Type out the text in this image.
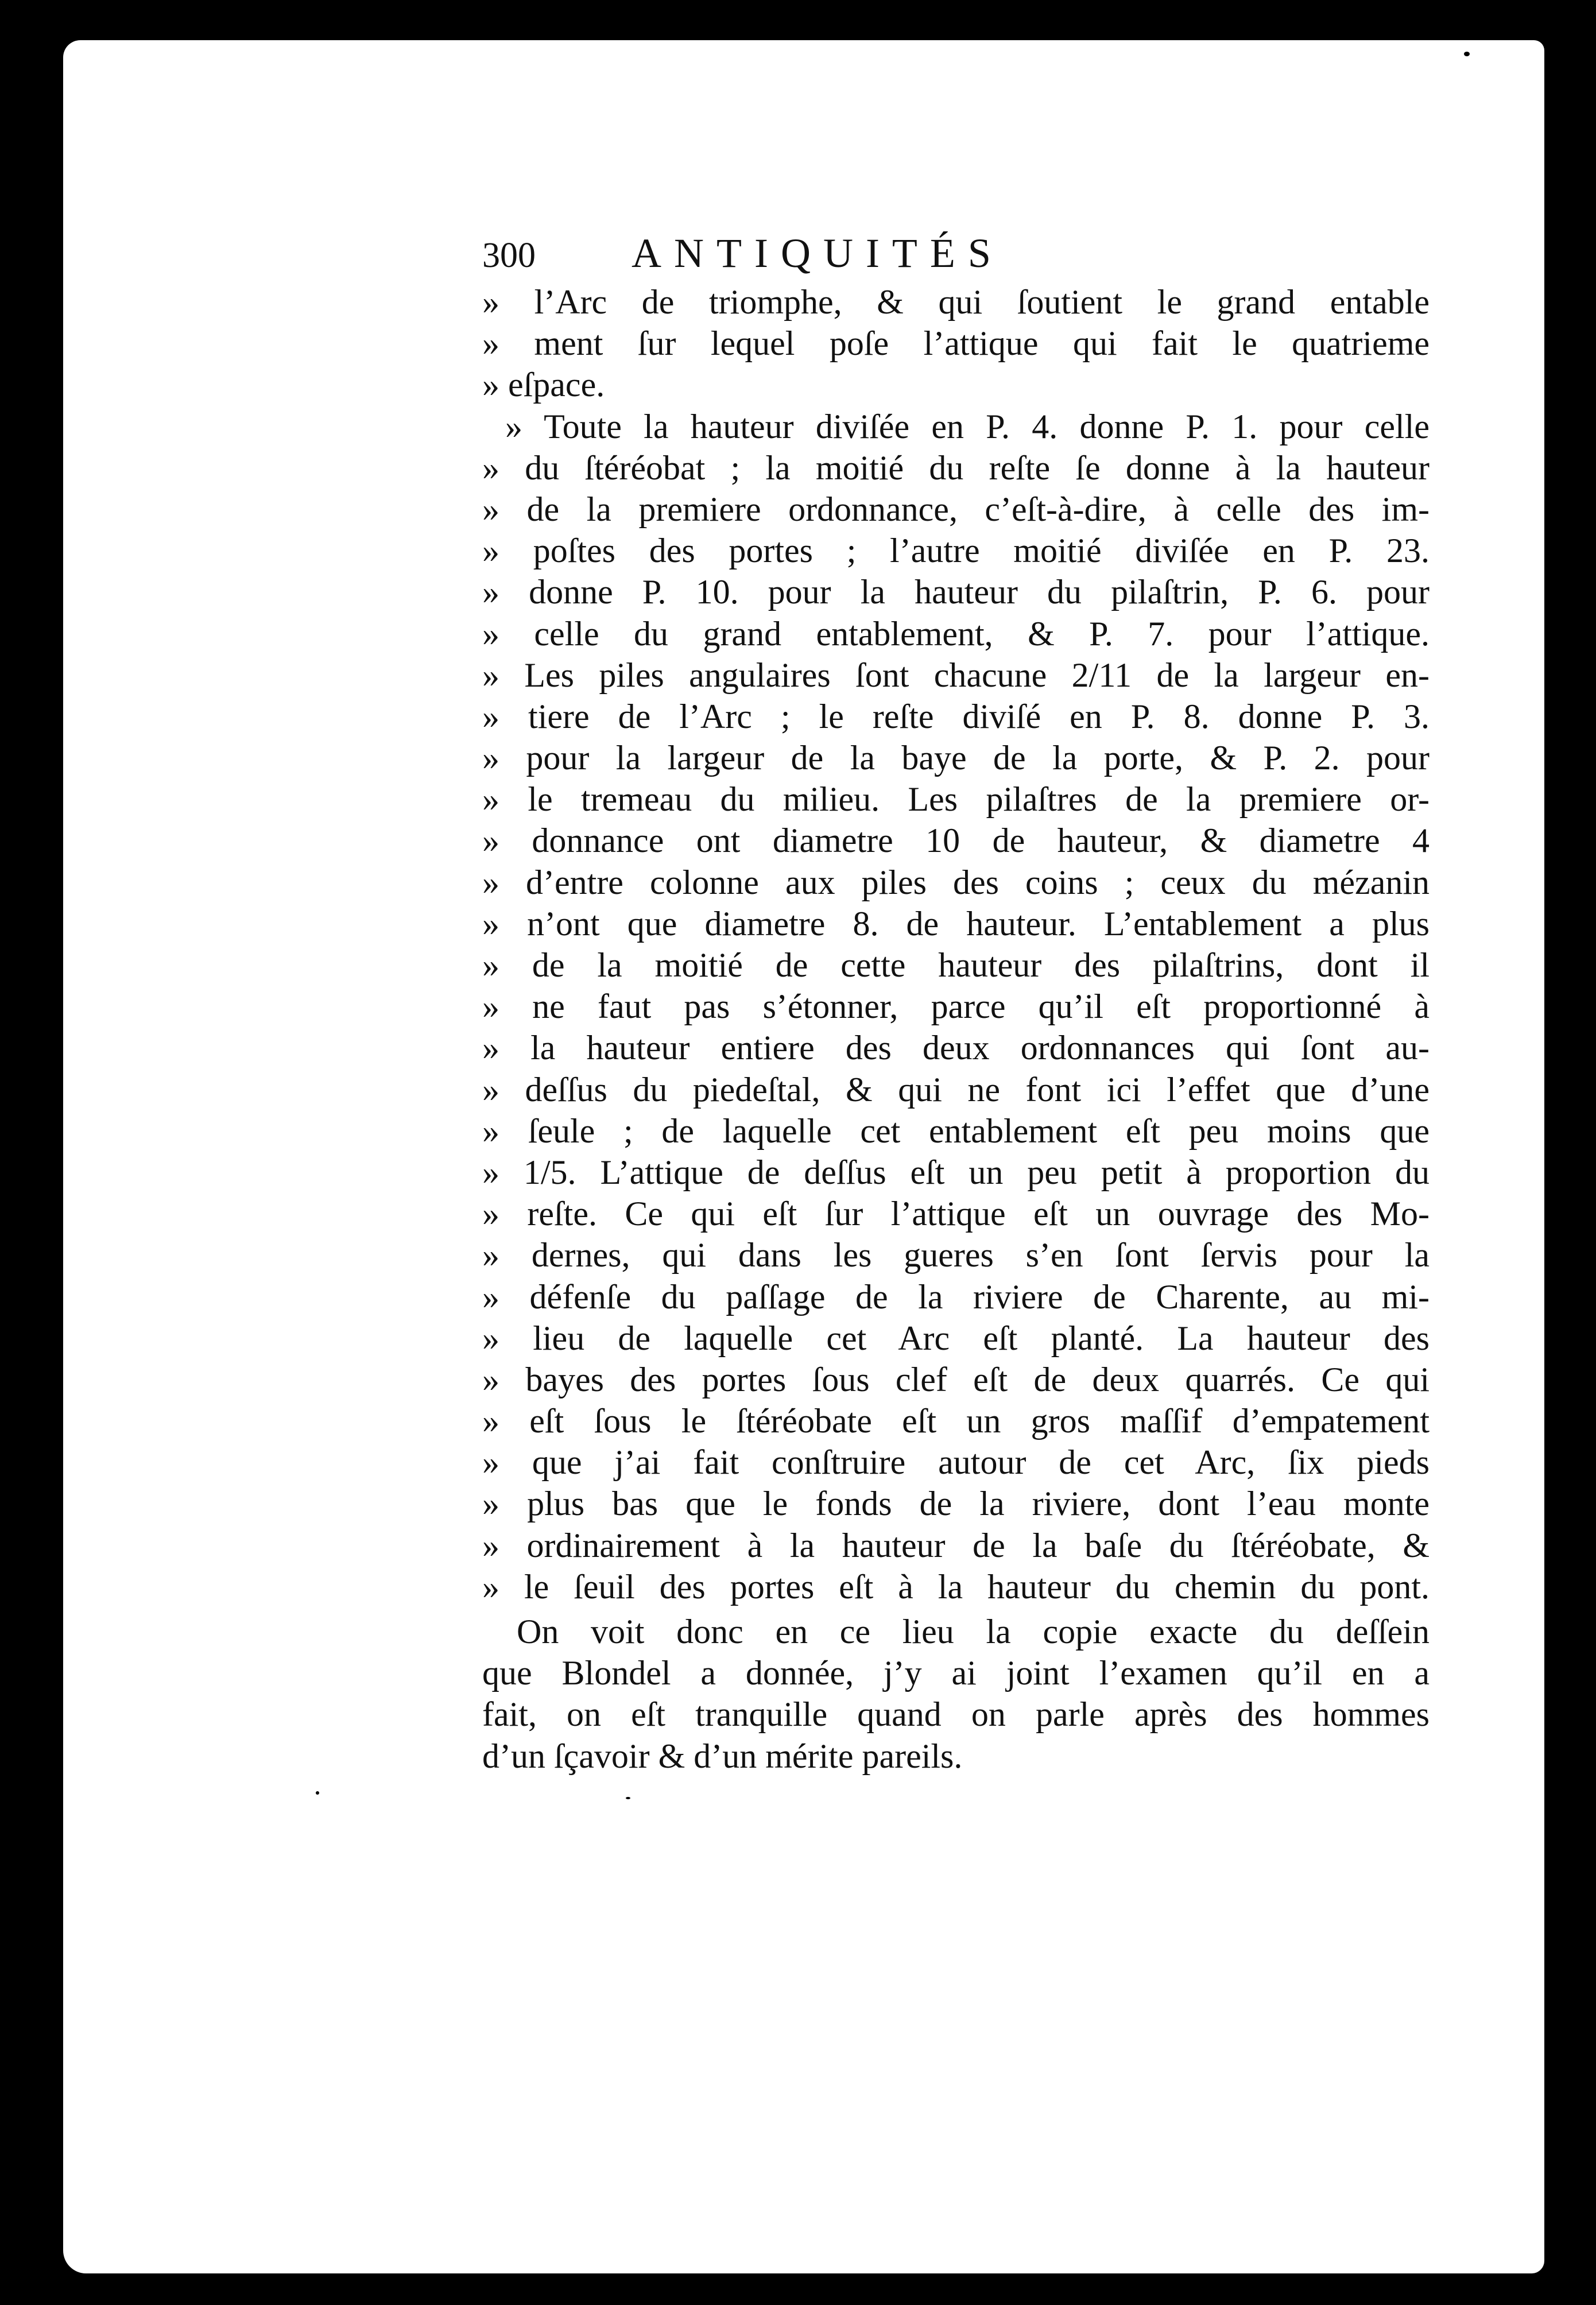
300	ANTIQUITÉS
» l’Arc de triomphe, & qui ſoutient le grand entable
» ment ſur lequel poſe l’attique qui fait le quatrieme
» eſpace.
» Toute la hauteur diviſée en P. 4. donne P. 1. pour celle
» du ſtéréobat ; la moitié du reſte ſe donne à la hauteur
» de la premiere ordonnance, c’eſt-à-dire, à celle des im-
» poſtes des portes ; l’autre moitié diviſée en P. 23.
» donne P. 10. pour la hauteur du pilaſtrin, P. 6. pour
» celle du grand entablement, & P. 7. pour l’attique.
» Les piles angulaires ſont chacune 2/11 de la largeur en-
» tiere de l’Arc ; le reſte diviſé en P. 8. donne P. 3.
» pour la largeur de la baye de la porte, & P. 2. pour
» le tremeau du milieu. Les pilaſtres de la premiere or-
» donnance ont diametre 10 de hauteur, & diametre 4
» d’entre colonne aux piles des coins ; ceux du mézanin
» n’ont que diametre 8. de hauteur. L’entablement a plus
» de la moitié de cette hauteur des pilaſtrins, dont il
» ne faut pas s’étonner, parce qu’il eſt proportionné à
» la hauteur entiere des deux ordonnances qui ſont au-
» deſſus du piedeſtal, & qui ne font ici l’effet que d’une
» ſeule ; de laquelle cet entablement eſt peu moins que
» 1/5. L’attique de deſſus eſt un peu petit à proportion du
» reſte. Ce qui eſt ſur l’attique eſt un ouvrage des Mo-
» dernes, qui dans les gueres s’en ſont ſervis pour la
» défenſe du paſſage de la riviere de Charente, au mi-
» lieu de laquelle cet Arc eſt planté. La hauteur des
» bayes des portes ſous clef eſt de deux quarrés. Ce qui
» eſt ſous le ſtéréobate eſt un gros maſſif d’empatement
» que j’ai fait conſtruire autour de cet Arc, ſix pieds
» plus bas que le fonds de la riviere, dont l’eau monte
» ordinairement à la hauteur de la baſe du ſtéréobate, &
» le ſeuil des portes eſt à la hauteur du chemin du pont.
On voit donc en ce lieu la copie exacte du deſſein
que Blondel a donnée, j’y ai joint l’examen qu’il en a
fait, on eſt tranquille quand on parle après des hommes
d’un ſçavoir & d’un mérite pareils.
